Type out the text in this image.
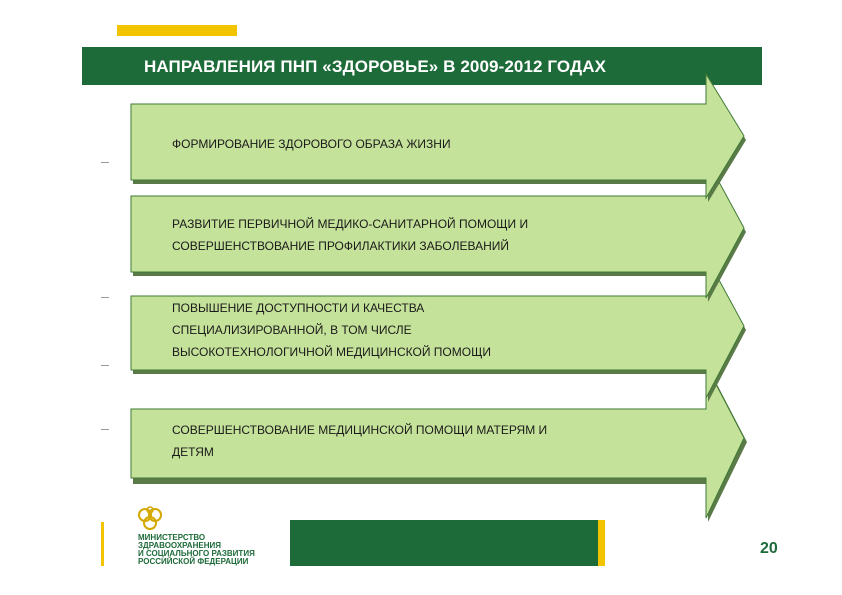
НАПРАВЛЕНИЯ ПНП «ЗДОРОВЬЕ» В 2009-2012 ГОДАХ
ФОРМИРОВАНИЕ ЗДОРОВОГО ОБРАЗА ЖИЗНИ
РАЗВИТИЕ ПЕРВИЧНОЙ МЕДИКО-САНИТАРНОЙ ПОМОЩИ И
СОВЕРШЕНСТВОВАНИЕ ПРОФИЛАКТИКИ ЗАБОЛЕВАНИЙ
ПОВЫШЕНИЕ ДОСТУПНОСТИ И КАЧЕСТВА
СПЕЦИАЛИЗИРОВАННОЙ, В ТОМ ЧИСЛЕ
ВЫСОКОТЕХНОЛОГИЧНОЙ МЕДИЦИНСКОЙ ПОМОЩИ
СОВЕРШЕНСТВОВАНИЕ МЕДИЦИНСКОЙ ПОМОЩИ МАТЕРЯМ И
ДЕТЯМ
МИНИСТЕРСТВО
ЗДРАВООХРАНЕНИЯ
И СОЦИАЛЬНОГО РАЗВИТИЯ
РОССИЙСКОЙ ФЕДЕРАЦИИ
20
